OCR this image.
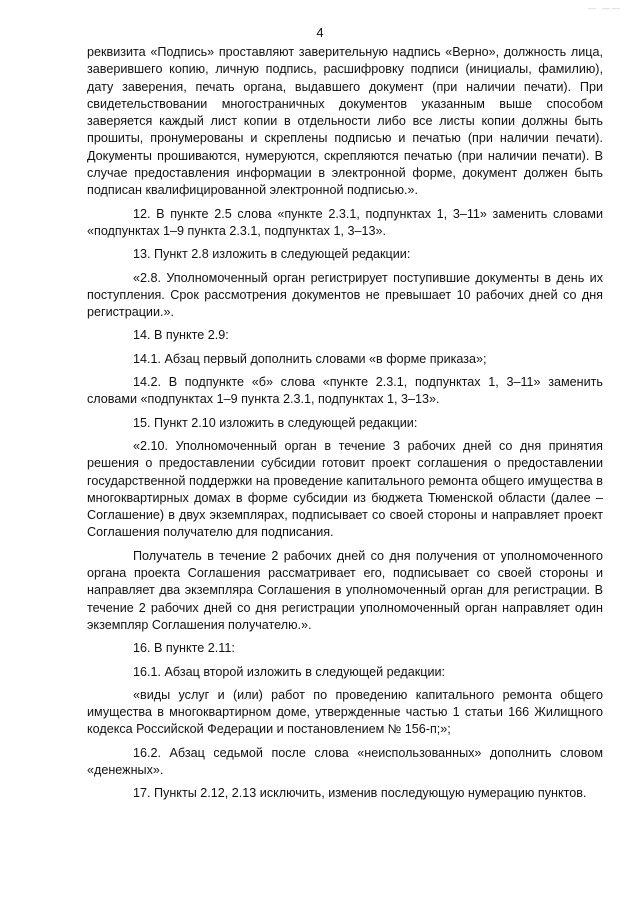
— ——
4

реквизита «Подпись» проставляют заверительную надпись «Верно», должность лица, заверившего копию, личную подпись, расшифровку подписи (инициалы, фамилию), дату заверения, печать органа, выдавшего документ (при наличии печати). При свидетельствовании многостраничных документов указанным выше способом заверяется каждый лист копии в отдельности либо все листы копии должны быть прошиты, пронумерованы и скреплены подписью и печатью (при наличии печати). Документы прошиваются, нумеруются, скрепляются печатью (при наличии печати). В случае предоставления информации в электронной форме, документ должен быть подписан квалифицированной электронной подписью.».

12. В пункте 2.5 слова «пункте 2.3.1, подпунктах 1, 3–11» заменить словами «подпунктах 1–9 пункта 2.3.1, подпунктах 1, 3–13».

13. Пункт 2.8 изложить в следующей редакции:

«2.8. Уполномоченный орган регистрирует поступившие документы в день их поступления. Срок рассмотрения документов не превышает 10 рабочих дней со дня регистрации.».

14. В пункте 2.9:

14.1. Абзац первый дополнить словами «в форме приказа»;

14.2. В подпункте «б» слова «пункте 2.3.1, подпунктах 1, 3–11» заменить словами «подпунктах 1–9 пункта 2.3.1, подпунктах 1, 3–13».

15. Пункт 2.10 изложить в следующей редакции:

«2.10. Уполномоченный орган в течение 3 рабочих дней со дня принятия решения о предоставлении субсидии готовит проект соглашения о предоставлении государственной поддержки на проведение капитального ремонта общего имущества в многоквартирных домах в форме субсидии из бюджета Тюменской области (далее – Соглашение) в двух экземплярах, подписывает со своей стороны и направляет проект Соглашения получателю для подписания.

Получатель в течение 2 рабочих дней со дня получения от уполномоченного органа проекта Соглашения рассматривает его, подписывает со своей стороны и направляет два экземпляра Соглашения в уполномоченный орган для регистрации. В течение 2 рабочих дней со дня регистрации уполномоченный орган направляет один экземпляр Соглашения получателю.».

16. В пункте 2.11:

16.1. Абзац второй изложить в следующей редакции:

«виды услуг и (или) работ по проведению капитального ремонта общего имущества в многоквартирном доме, утвержденные частью 1 статьи 166 Жилищного кодекса Российской Федерации и постановлением № 156-п;»;

16.2. Абзац седьмой после слова «неиспользованных» дополнить словом «денежных».

17. Пункты 2.12, 2.13 исключить, изменив последующую нумерацию пунктов.
